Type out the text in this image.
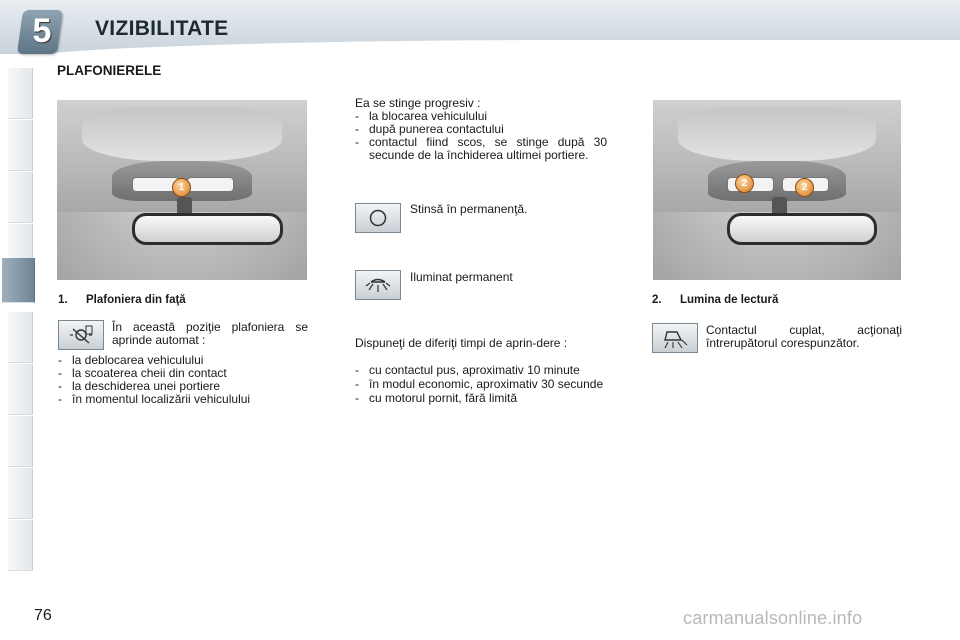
5 VIZIBILITATE
PLAFONIERELE
1	2	2
1. Plafoniera din faţă
În această poziţie plafoniera se aprinde automat :
- la deblocarea vehiculului
- la scoaterea cheii din contact
- la deschiderea unei portiere
- în momentul localizării vehiculului
Ea se stinge progresiv :
- la blocarea vehiculului
- după punerea contactului
- contactul fiind scos, se stinge după 30 secunde de la închiderea ultimei portiere.
Stinsă în permanenţă.
Iluminat permanent
Dispuneţi de diferiţi timpi de aprin-dere :
- cu contactul pus, aproximativ 10 minute
- în modul economic, aproximativ 30 secunde
- cu motorul pornit, fără limită
2. Lumina de lectură
Contactul cuplat, acţionaţi întrerupătorul corespunzător.
76	carmanualsonline.info
